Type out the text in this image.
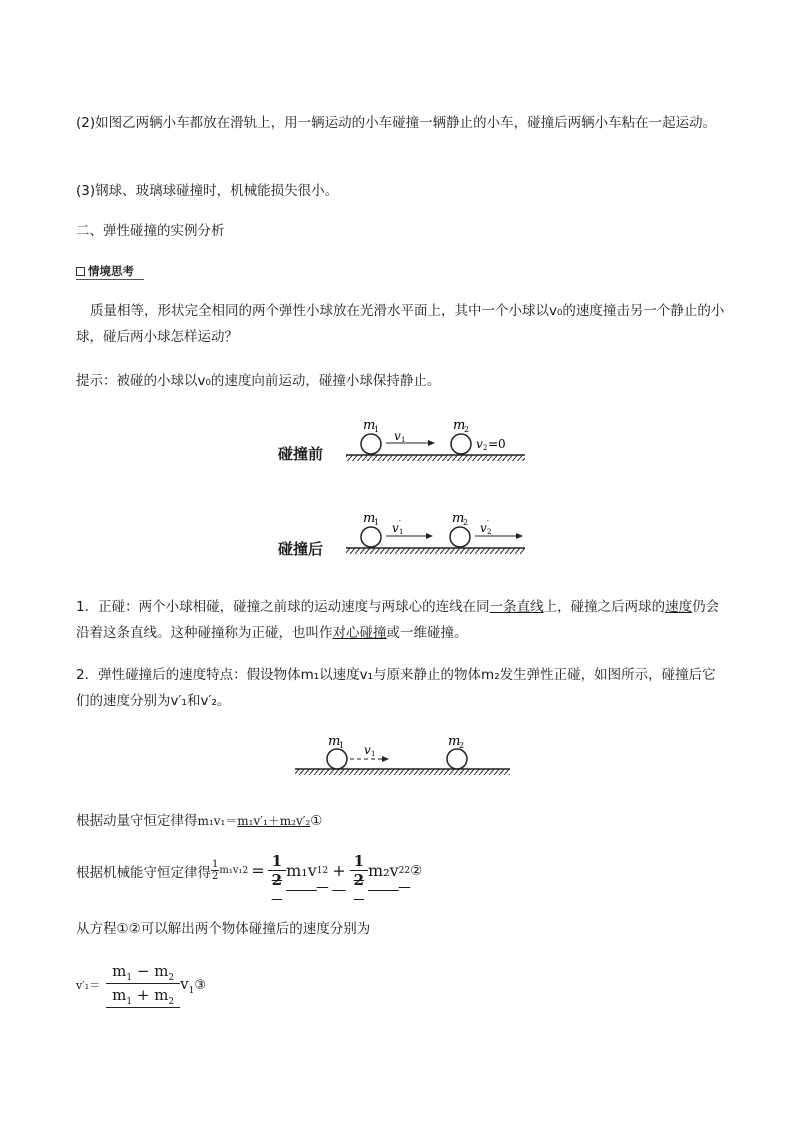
(2)如图乙两辆小车都放在滑轨上，用一辆运动的小车碰撞一辆静止的小车，碰撞后两辆小车粘在一起运动。

(3)钢球、玻璃球碰撞时，机械能损失很小。

二、弹性碰撞的实例分析

情境思考

质量相等，形状完全相同的两个弹性小球放在光滑水平面上，其中一个小球以v₀的速度撞击另一个静止的小球，碰后两小球怎样运动？

提示：被碰的小球以v₀的速度向前运动，碰撞小球保持静止。

碰撞前
碰撞后
m
1	m
2
v 1	v 2 =0
m
1	m
2
v ′
1	v ′
2

1．正碰：两个小球相碰，碰撞之前球的运动速度与两球心的连线在同一条直线上，碰撞之后两球的速度仍会沿着这条直线。这种碰撞称为正碰，也叫作对心碰撞或一维碰撞。

2．弹性碰撞后的速度特点：假设物体m₁以速度v₁与原来静止的物体m₂发生弹性正碰，如图所示，碰撞后它们的速度分别为v′₁和v′₂。

m
1	m
2
v 1

根据动量守恒定律得m₁v₁＝m₁v′₁＋m₂v′₂①

根据机械能守恒定律得 $\frac{1}{2} m_1v_1$ $2 = \frac{1}{2} m_1v$ 1 $2 + \frac{1}{2} m_2v$ 2 2 ②

从方程①②可以解出两个物体碰撞后的速度分别为

$v'_1= \frac{m_1 - m_2}{m_1 + m_2} v_1$ ③
